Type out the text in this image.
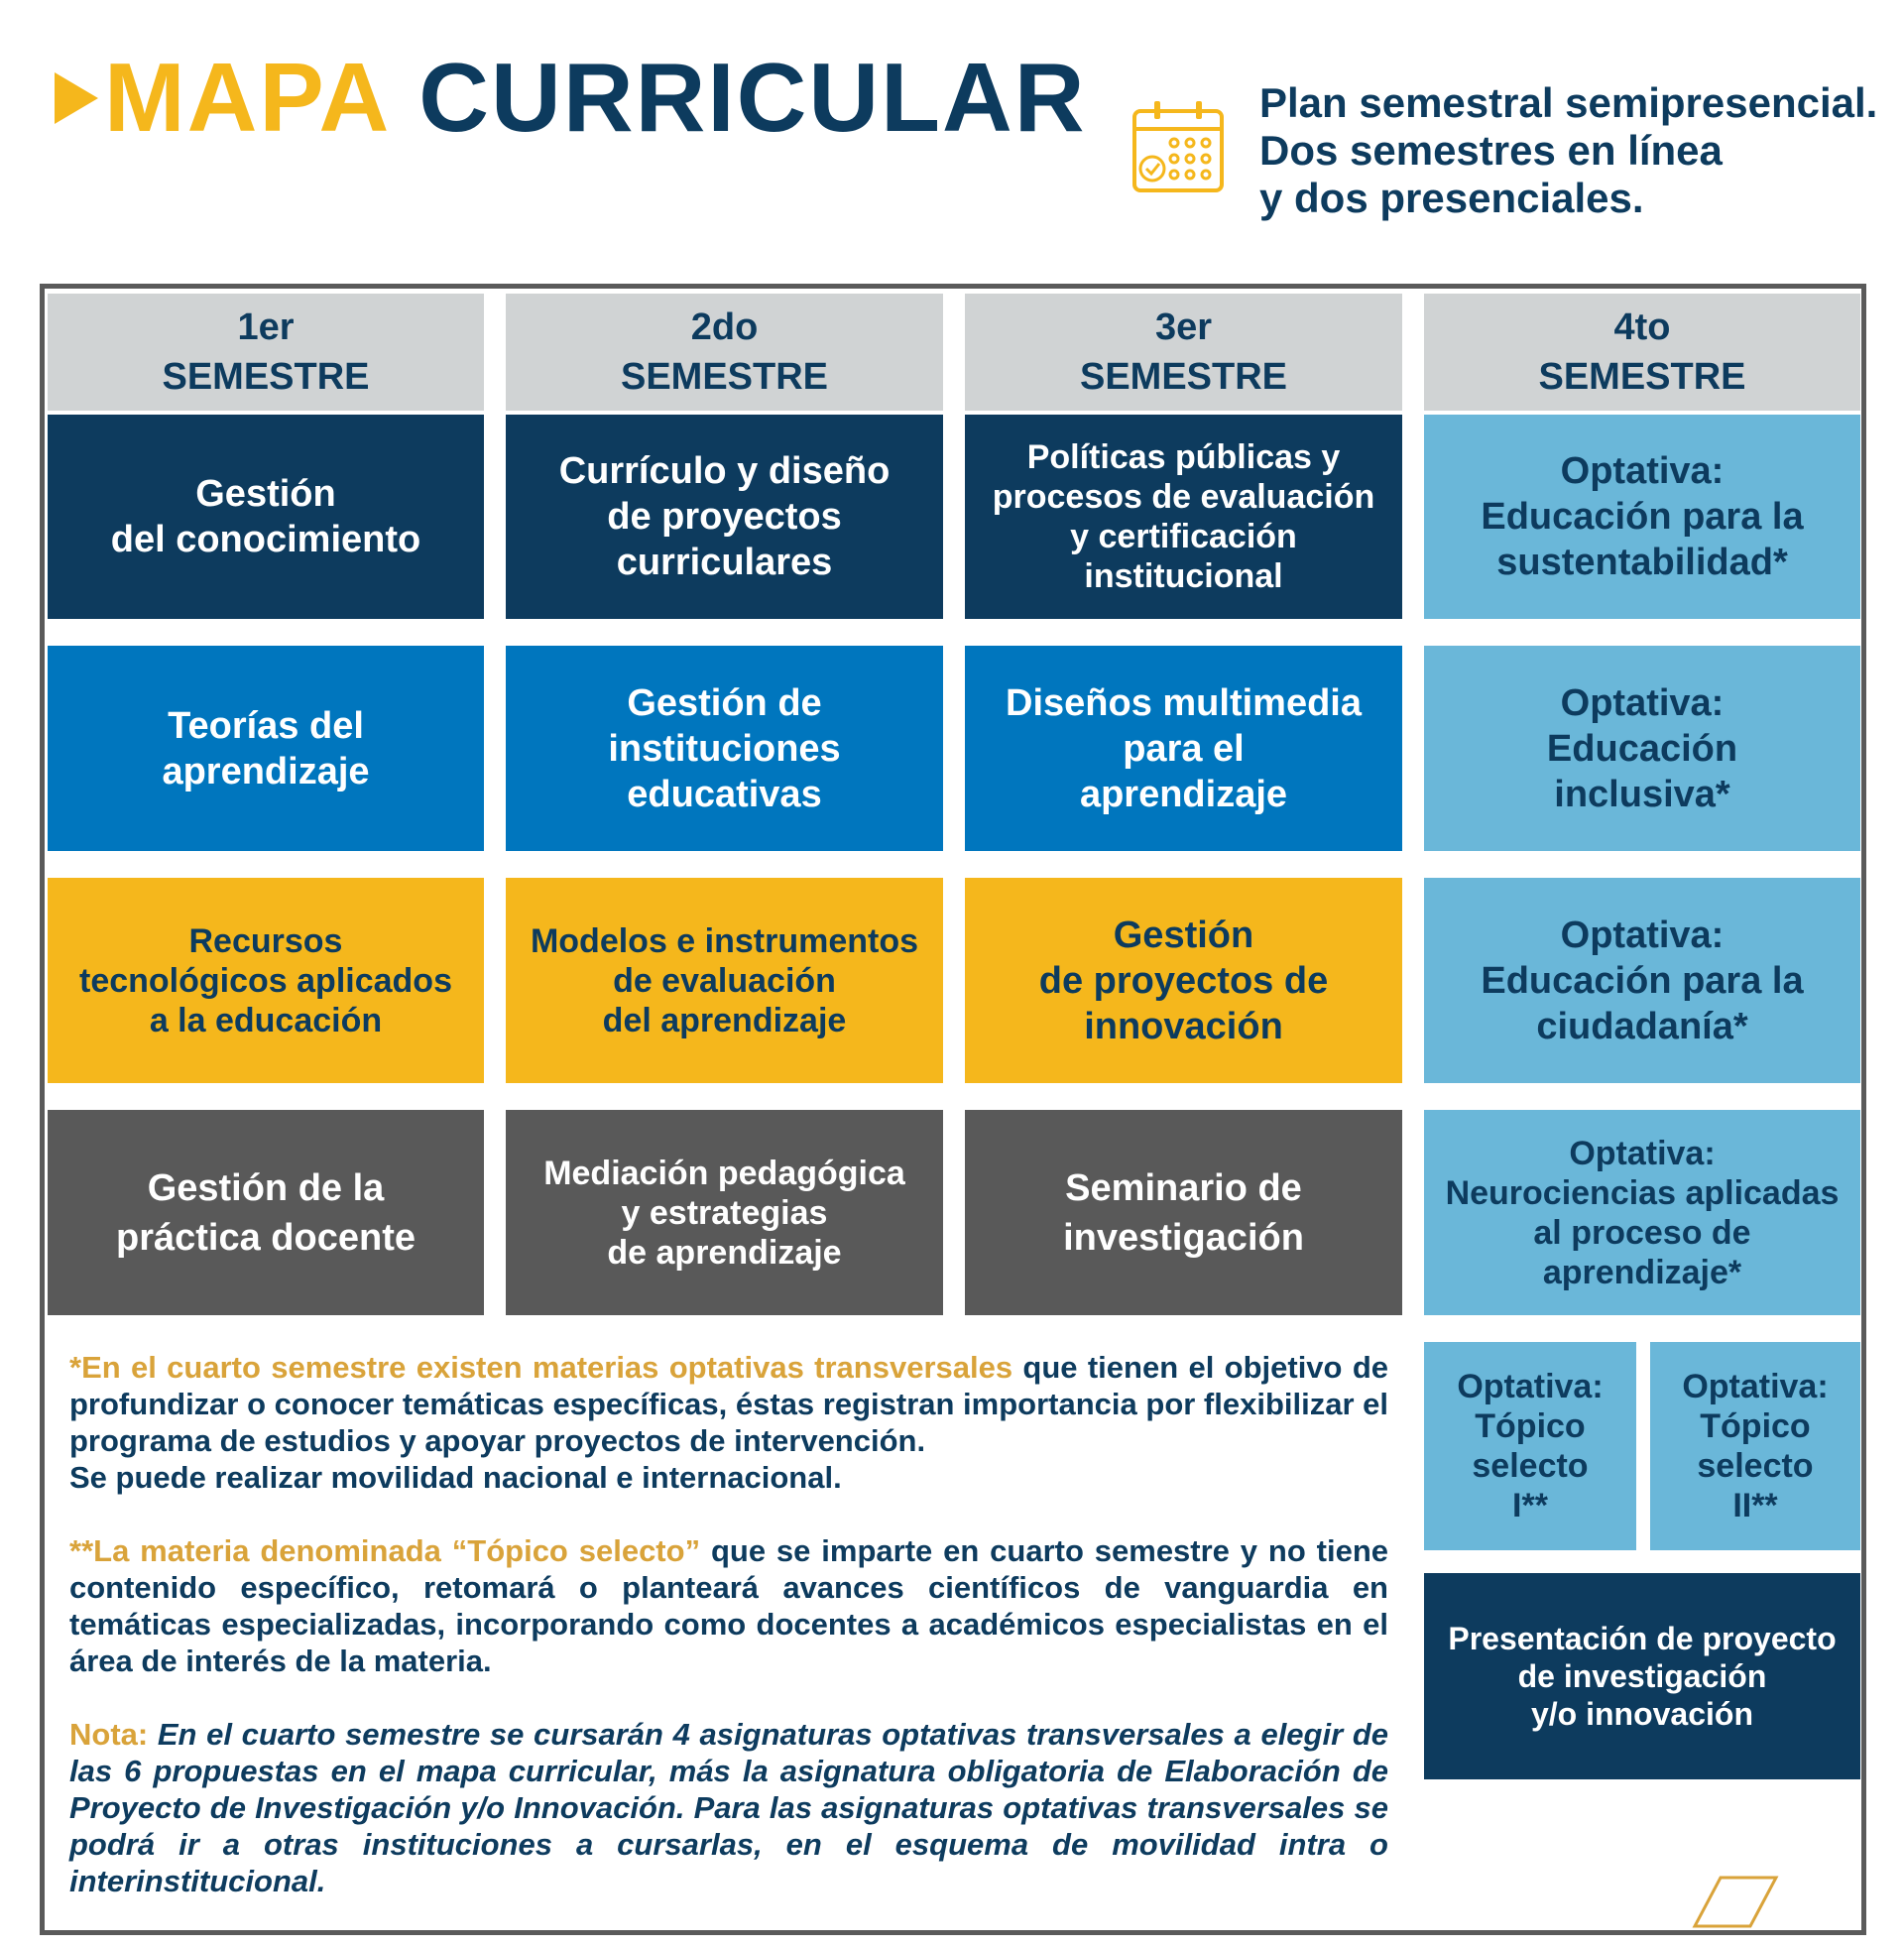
MAPA CURRICULAR	Plan semestral semipresencial.
Dos semestres en línea
y dos presenciales.
1er
SEMESTRE
2do
SEMESTRE
3er
SEMESTRE
4to
SEMESTRE
Gestión
del conocimiento
Currículo y diseño
de proyectos
curriculares
Políticas públicas y
procesos de evaluación
y certificación
institucional
Optativa:
Educación para la
sustentabilidad*
Teorías del
aprendizaje
Gestión de
instituciones
educativas
Diseños multimedia
para el
aprendizaje
Optativa:
Educación
inclusiva*
Recursos
tecnológicos aplicados
a la educación
Modelos e instrumentos
de evaluación
del aprendizaje
Gestión
de proyectos de
innovación
Optativa:
Educación para la
ciudadanía*
Gestión de la
práctica docente
Mediación pedagógica
y estrategias
de aprendizaje
Seminario de
investigación
Optativa:
Neurociencias aplicadas
al proceso de
aprendizaje*
Optativa:
Tópico
selecto
I**
Optativa:
Tópico
selecto
II**
Presentación de proyecto
de investigación
y/o innovación

*En el cuarto semestre existen materias optativas transversales que tienen el objetivo de profundizar o conocer temáticas específicas, éstas registran importancia por flexibilizar el programa de estudios y apoyar proyectos de intervención.
Se puede realizar movilidad nacional e internacional.

**La materia denominada “Tópico selecto” que se imparte en cuarto semestre y no tiene contenido específico, retomará o planteará avances científicos de vanguardia en temáticas especializadas, incorporando como docentes a académicos especialistas en el área de interés de la materia.

Nota: En el cuarto semestre se cursarán 4 asignaturas optativas transversales a elegir de las 6 propuestas en el mapa curricular, más la asignatura obligatoria de Elaboración de Proyecto de Investigación y/o Innovación. Para las asignaturas optativas transversales se podrá ir a otras instituciones a cursarlas, en el esquema de movilidad intra o interinstitucional.
